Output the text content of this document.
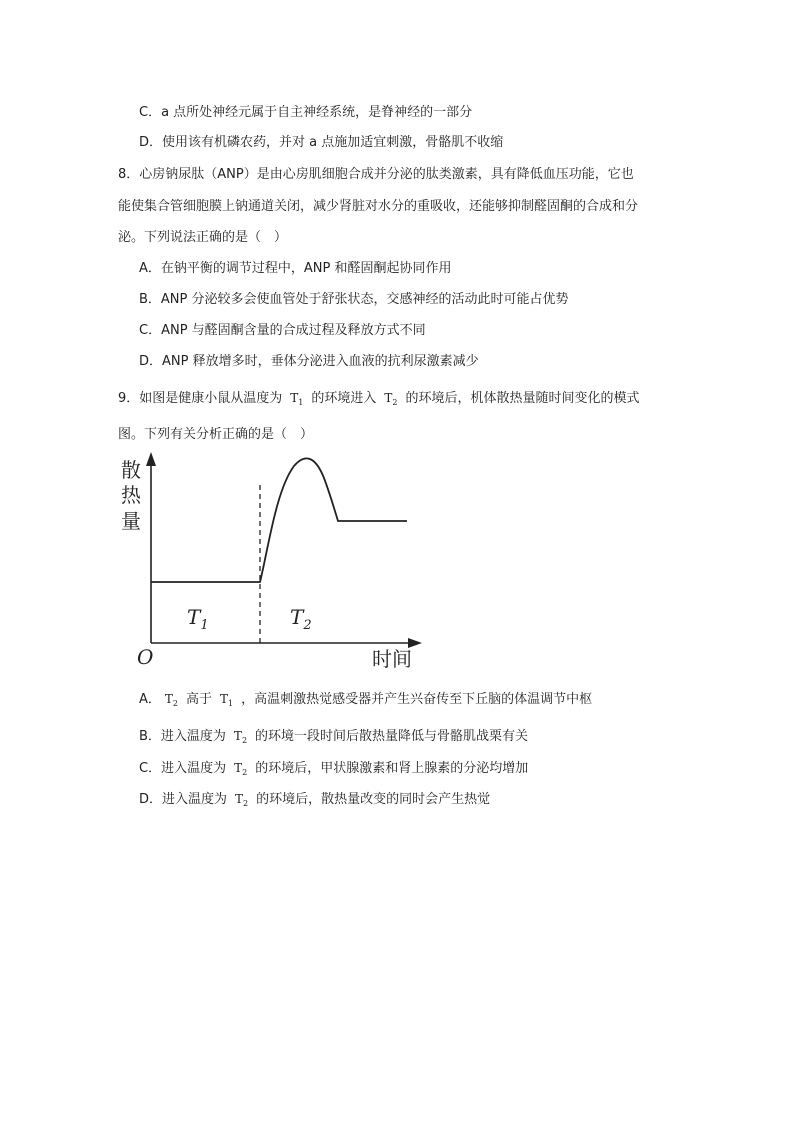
C．a 点所处神经元属于自主神经系统，是脊神经的一部分
D．使用该有机磷农药，并对 a 点施加适宜刺激，骨骼肌不收缩
8．心房钠尿肽（ANP）是由心房肌细胞合成并分泌的肽类激素，具有降低血压功能，它也
能使集合管细胞膜上钠通道关闭，减少肾脏对水分的重吸收，还能够抑制醛固酮的合成和分
泌。下列说法正确的是（　）
A．在钠平衡的调节过程中，ANP 和醛固酮起协同作用
B．ANP 分泌较多会使血管处于舒张状态，交感神经的活动此时可能占优势
C．ANP 与醛固酮含量的合成过程及释放方式不同
D．ANP 释放增多时，垂体分泌进入血液的抗利尿激素减少
9．如图是健康小鼠从温度为 $T_1$ 的环境进入 $T_2$ 的环境后，机体散热量随时间变化的模式
图。下列有关分析正确的是（　）
散
热
量
O	时间
$T_1$	$T_2$
A． $T_2$ 高于 $T_1$ ，高温刺激热觉感受器并产生兴奋传至下丘脑的体温调节中枢
B．进入温度为 $T_2$ 的环境一段时间后散热量降低与骨骼肌战栗有关
C．进入温度为 $T_2$ 的环境后，甲状腺激素和肾上腺素的分泌均增加
D．进入温度为 $T_2$ 的环境后，散热量改变的同时会产生热觉
